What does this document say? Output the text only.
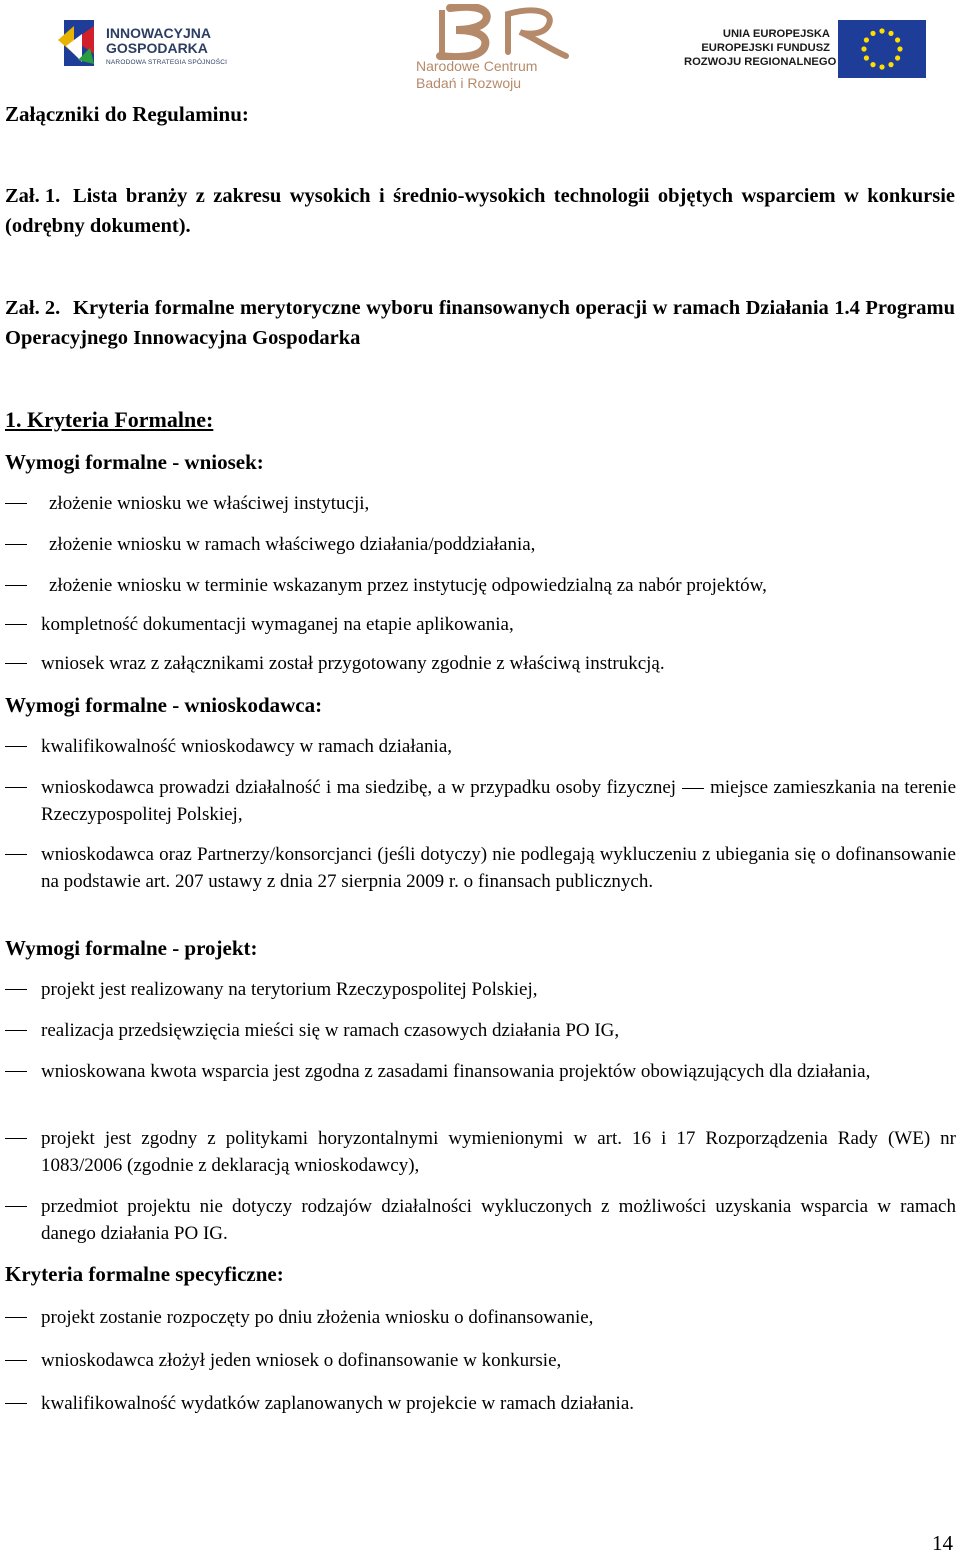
INNOWACYJNA
GOSPODARKA
NARODOWA STRATEGIA SPÓJNOŚCI	Narodowe Centrum
Badań i Rozwoju
UNIA EUROPEJSKA
EUROPEJSKI FUNDUSZ
ROZWOJU REGIONALNEGO
Załączniki do Regulaminu:
Zał. 1. Lista branży z zakresu wysokich i średnio-wysokich technologii objętych wsparciem w konkursie (odrębny dokument).
Zał. 2. Kryteria formalne merytoryczne wyboru finansowanych operacji w ramach Działania 1.4 Programu Operacyjnego Innowacyjna Gospodarka
1. Kryteria Formalne:
Wymogi formalne - wniosek:
złożenie wniosku we właściwej instytucji,
złożenie wniosku w ramach właściwego działania/poddziałania,
złożenie wniosku w terminie wskazanym przez instytucję odpowiedzialną za nabór projektów,
kompletność dokumentacji wymaganej na etapie aplikowania,
wniosek wraz z załącznikami został przygotowany zgodnie z właściwą instrukcją.
Wymogi formalne - wnioskodawca:
kwalifikowalność wnioskodawcy w ramach działania,
wnioskodawca prowadzi działalność i ma siedzibę, a w przypadku osoby fizycznej miejsce zamieszkania na terenie Rzeczypospolitej Polskiej,
wnioskodawca oraz Partnerzy/konsorcjanci (jeśli dotyczy) nie podlegają wykluczeniu z ubiegania się o dofinansowanie na podstawie art. 207 ustawy z dnia 27 sierpnia 2009 r. o finansach publicznych.
Wymogi formalne - projekt:
projekt jest realizowany na terytorium Rzeczypospolitej Polskiej,
realizacja przedsięwzięcia mieści się w ramach czasowych działania PO IG,
wnioskowana kwota wsparcia jest zgodna z zasadami finansowania projektów obowiązujących dla działania,
projekt jest zgodny z politykami horyzontalnymi wymienionymi w art. 16 i 17 Rozporządzenia Rady (WE) nr 1083/2006 (zgodnie z deklaracją wnioskodawcy),
przedmiot projektu nie dotyczy rodzajów działalności wykluczonych z możliwości uzyskania wsparcia w ramach danego działania PO IG.
Kryteria formalne specyficzne:
projekt zostanie rozpoczęty po dniu złożenia wniosku o dofinansowanie,
wnioskodawca złożył jeden wniosek o dofinansowanie w konkursie,
kwalifikowalność wydatków zaplanowanych w projekcie w ramach działania.
14
